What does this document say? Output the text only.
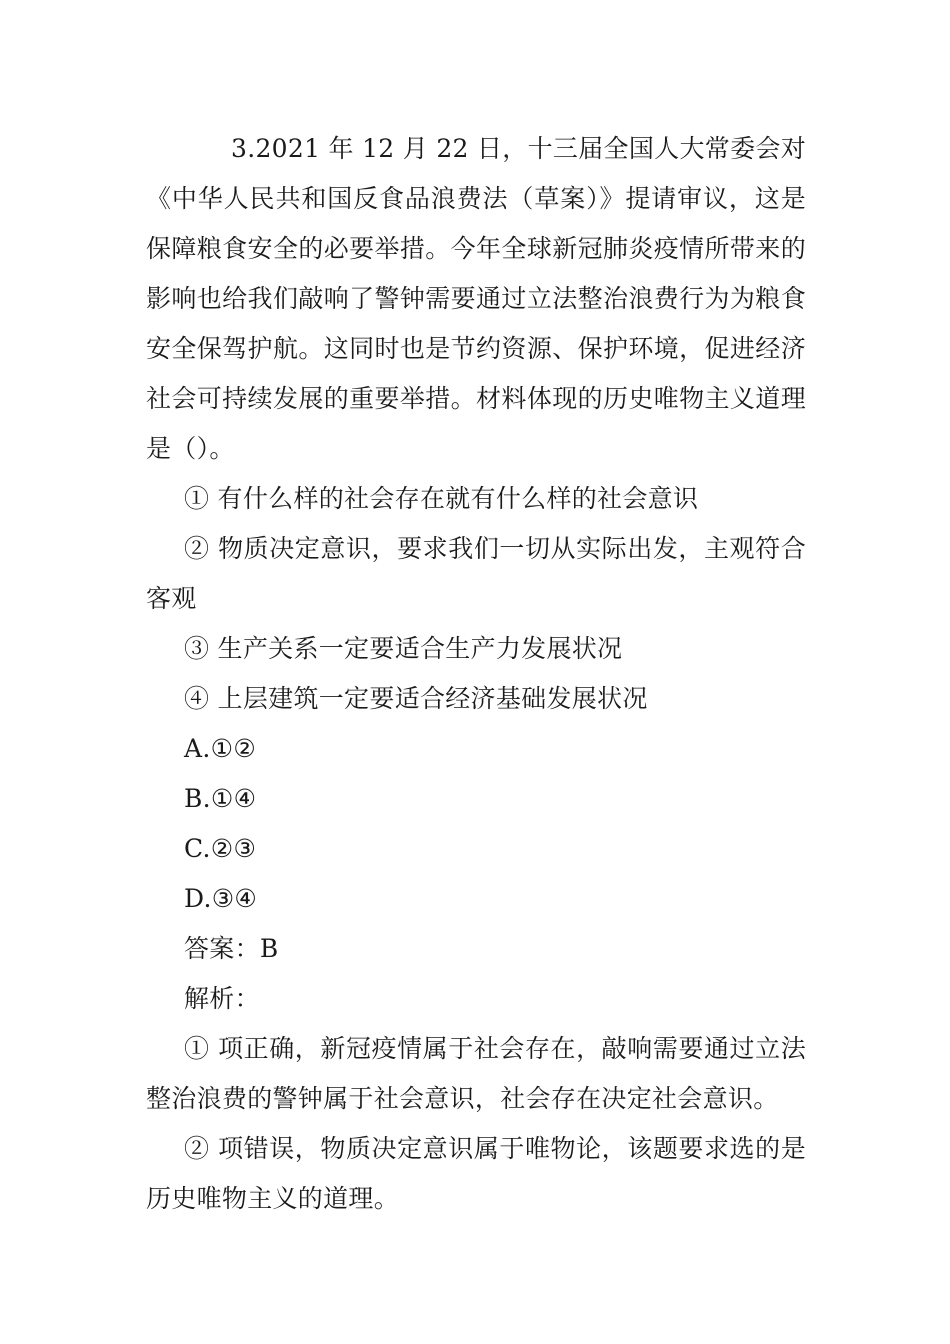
3.2021 年 12 月 22 日，十三届全国人大常委会对《中华人民共和国反食品浪费法（草案）》提请审议，这是保障粮食安全的必要举措。今年全球新冠肺炎疫情所带来的影响也给我们敲响了警钟需要通过立法整治浪费行为为粮食安全保驾护航。这同时也是节约资源、保护环境，促进经济社会可持续发展的重要举措。材料体现的历史唯物主义道理是（）。

① 有什么样的社会存在就有什么样的社会意识

② 物质决定意识，要求我们一切从实际出发，主观符合客观

③ 生产关系一定要适合生产力发展状况

④ 上层建筑一定要适合经济基础发展状况

A.①②

B.①④

C.②③

D.③④

答案：B

解析：

① 项正确，新冠疫情属于社会存在，敲响需要通过立法整治浪费的警钟属于社会意识，社会存在决定社会意识。

② 项错误，物质决定意识属于唯物论，该题要求选的是历史唯物主义的道理。
